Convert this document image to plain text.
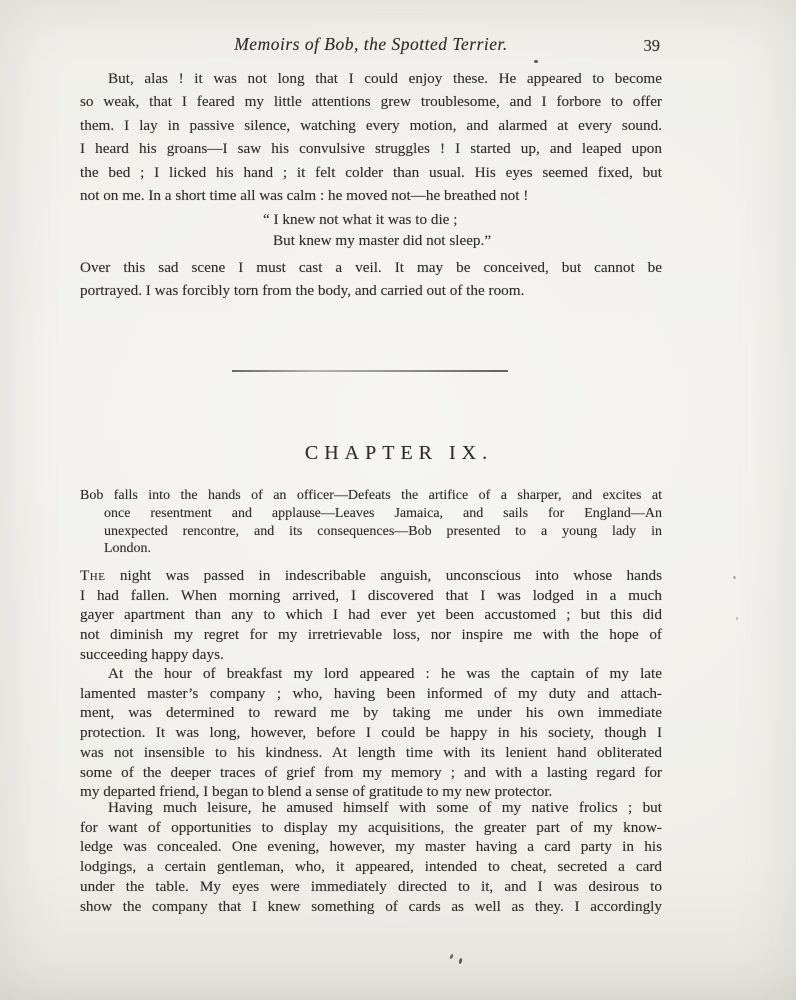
Memoirs of Bob, the Spotted Terrier.	39
But, alas ! it was not long that I could enjoy these. He appeared to become
so weak, that I feared my little attentions grew troublesome, and I forbore to offer
them. I lay in passive silence, watching every motion, and alarmed at every sound.
I heard his groans—I saw his convulsive struggles ! I started up, and leaped upon
the bed ; I licked his hand ; it felt colder than usual. His eyes seemed fixed, but
not on me. In a short time all was calm : he moved not—he breathed not !
“ I knew not what it was to die ;
But knew my master did not sleep.”
Over this sad scene I must cast a veil. It may be conceived, but cannot be
portrayed. I was forcibly torn from the body, and carried out of the room.
CHAPTER IX.
Bob falls into the hands of an officer—Defeats the artifice of a sharper, and excites at
once resentment and applause—Leaves Jamaica, and sails for England—An
unexpected rencontre, and its consequences—Bob presented to a young lady in
London.
The night was passed in indescribable anguish, unconscious into whose hands
I had fallen. When morning arrived, I discovered that I was lodged in a much
gayer apartment than any to which I had ever yet been accustomed ; but this did
not diminish my regret for my irretrievable loss, nor inspire me with the hope of
succeeding happy days.
At the hour of breakfast my lord appeared : he was the captain of my late
lamented master’s company ; who, having been informed of my duty and attach-
ment, was determined to reward me by taking me under his own immediate
protection. It was long, however, before I could be happy in his society, though I
was not insensible to his kindness. At length time with its lenient hand obliterated
some of the deeper traces of grief from my memory ; and with a lasting regard for
my departed friend, I began to blend a sense of gratitude to my new protector.
Having much leisure, he amused himself with some of my native frolics ; but
for want of opportunities to display my acquisitions, the greater part of my know-
ledge was concealed. One evening, however, my master having a card party in his
lodgings, a certain gentleman, who, it appeared, intended to cheat, secreted a card
under the table. My eyes were immediately directed to it, and I was desirous to
show the company that I knew something of cards as well as they. I accordingly
